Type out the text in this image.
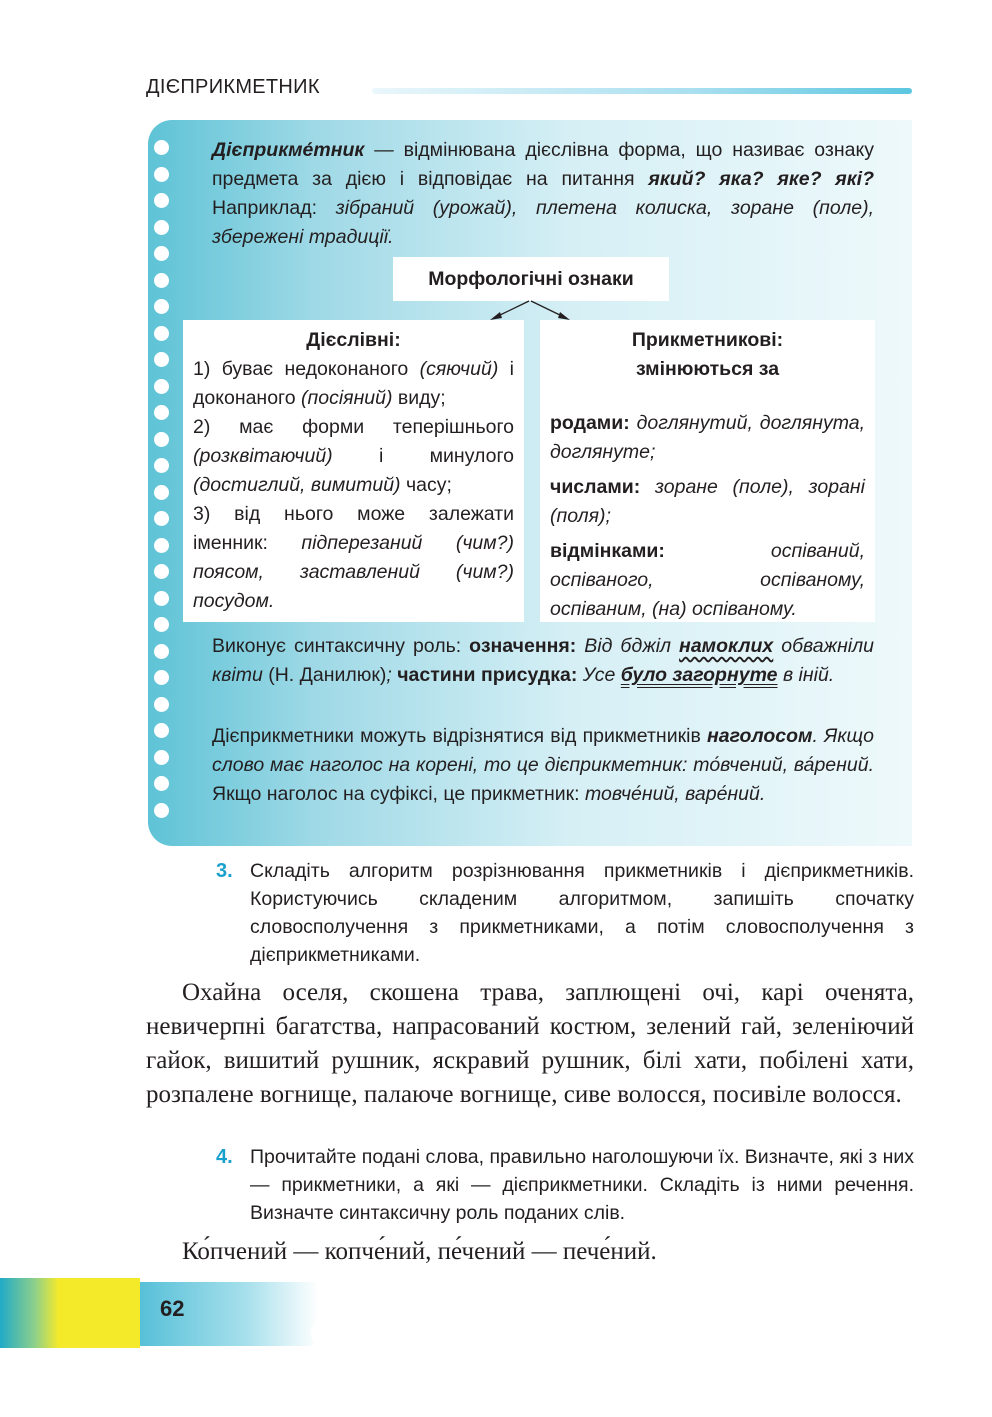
ДІЄПРИКМЕТНИК
Дієприкме́тник — відмінювана дієслівна форма, що називає ознаку предмета за дією і відповідає на питання який? яка? яке? які? Наприклад: зібраний (урожай), плетена колиска, зоране (поле), збережені традиції.
Морфологічні ознаки
Дієслівні:
1) буває недоконаного (сяючий) і доконаного (посіяний) виду;
2) має форми теперішнього (розквітаючий) і минулого (достиглий, вимитий) часу;
3) від нього може залежати іменник: підперезаний (чим?) поясом, заставлений (чим?) посудом.
Прикметникові:
змінюються за
родами: доглянутий, доглянута, доглянуте;
числами: зоране (поле), зорані (поля);
відмінками: оспіваний, оспіваного, оспіваному, оспіваним, (на) оспіваному.
Виконує синтаксичну роль: означення: Від бджіл намоклих обважніли квіти (Н. Данилюк); частини присудка: Усе було загорнуте в іній.
Дієприкметники можуть відрізнятися від прикметників наголосом. Якщо слово має наголос на корені, то це дієприкметник: то́вчений, ва́рений. Якщо наголос на суфіксі, це прикметник: товче́ний, варе́ний.
3. Складіть алгоритм розрізнювання прикметників і дієприкметників. Користуючись складеним алгоритмом, запишіть спочатку словосполучення з прикметниками, а потім словосполучення з дієприкметниками.
Охайна оселя, скошена трава, заплющені очі, карі оченята, невичерпні багатства, напрасований костюм, зелений гай, зеленіючий гайок, вишитий рушник, яскравий рушник, білі хати, побілені хати, розпалене вогнище, палаюче вогнище, сиве волосся, посивіле волосся.
4. Прочитайте подані слова, правильно наголошуючи їх. Визначте, які з них — прикметники, а які — дієприкметники. Складіть із ними речення. Визначте синтаксичну роль поданих слів.
Ко́пчений — копче́ний, пе́чений — пече́ний.
62
